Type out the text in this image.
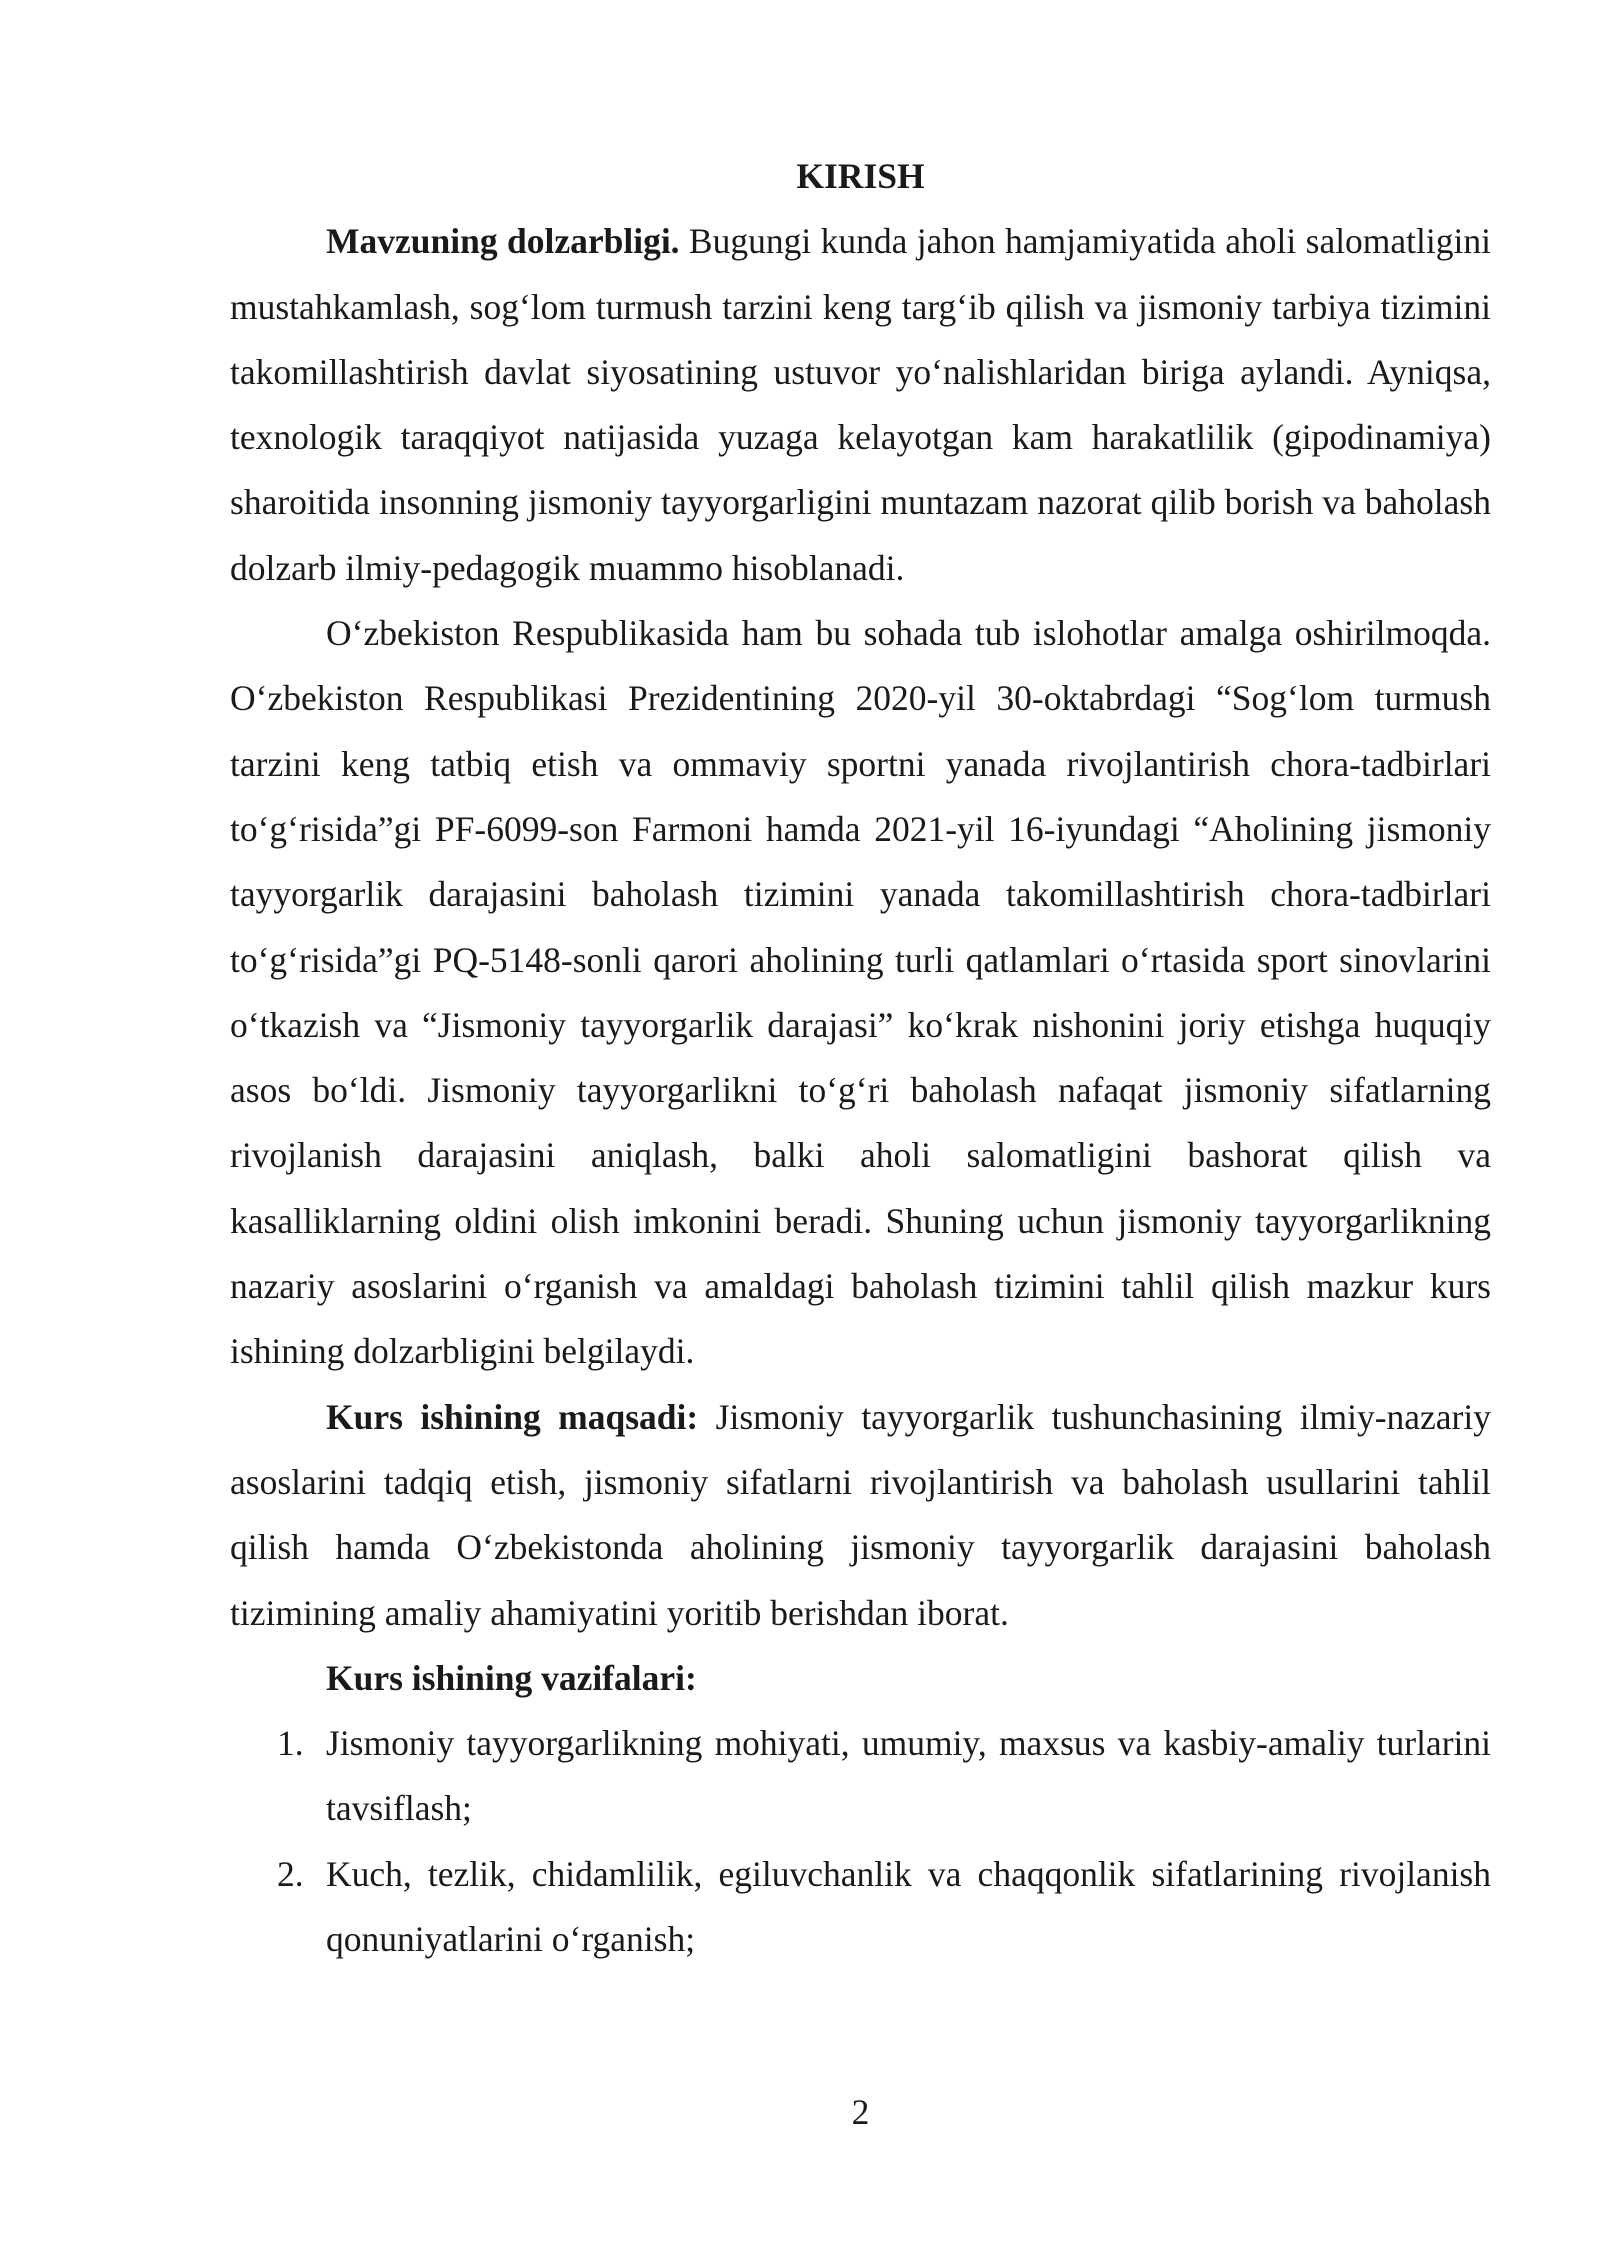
KIRISH

Mavzuning dolzarbligi. Bugungi kunda jahon hamjamiyatida aholi salomatligini mustahkamlash, sog‘lom turmush tarzini keng targ‘ib qilish va jismoniy tarbiya tizimini takomillashtirish davlat siyosatining ustuvor yo‘nalishlaridan biriga aylandi. Ayniqsa, texnologik taraqqiyot natijasida yuzaga kelayotgan kam harakatlilik (gipodinamiya) sharoitida insonning jismoniy tayyorgarligini muntazam nazorat qilib borish va baholash dolzarb ilmiy-pedagogik muammo hisoblanadi.

O‘zbekiston Respublikasida ham bu sohada tub islohotlar amalga oshirilmoqda. O‘zbekiston Respublikasi Prezidentining 2020-yil 30-oktabrdagi “Sog‘lom turmush tarzini keng tatbiq etish va ommaviy sportni yanada rivojlantirish chora-tadbirlari to‘g‘risida”gi PF-6099-son Farmoni hamda 2021-yil 16-iyundagi “Aholining jismoniy tayyorgarlik darajasini baholash tizimini yanada takomillashtirish chora-tadbirlari to‘g‘risida”gi PQ-5148-sonli qarori aholining turli qatlamlari o‘rtasida sport sinovlarini o‘tkazish va “Jismoniy tayyorgarlik darajasi” ko‘krak nishonini joriy etishga huquqiy asos bo‘ldi. Jismoniy tayyorgarlikni to‘g‘ri baholash nafaqat jismoniy sifatlarning rivojlanish darajasini aniqlash, balki aholi salomatligini bashorat qilish va kasalliklarning oldini olish imkonini beradi. Shuning uchun jismoniy tayyorgarlikning nazariy asoslarini o‘rganish va amaldagi baholash tizimini tahlil qilish mazkur kurs ishining dolzarbligini belgilaydi.

Kurs ishining maqsadi: Jismoniy tayyorgarlik tushunchasining ilmiy-nazariy asoslarini tadqiq etish, jismoniy sifatlarni rivojlantirish va baholash usullarini tahlil qilish hamda O‘zbekistonda aholining jismoniy tayyorgarlik darajasini baholash tizimining amaliy ahamiyatini yoritib berishdan iborat.

Kurs ishining vazifalari:

1. Jismoniy tayyorgarlikning mohiyati, umumiy, maxsus va kasbiy-amaliy turlarini tavsiflash;
2. Kuch, tezlik, chidamlilik, egiluvchanlik va chaqqonlik sifatlarining rivojlanish qonuniyatlarini o‘rganish;
2
